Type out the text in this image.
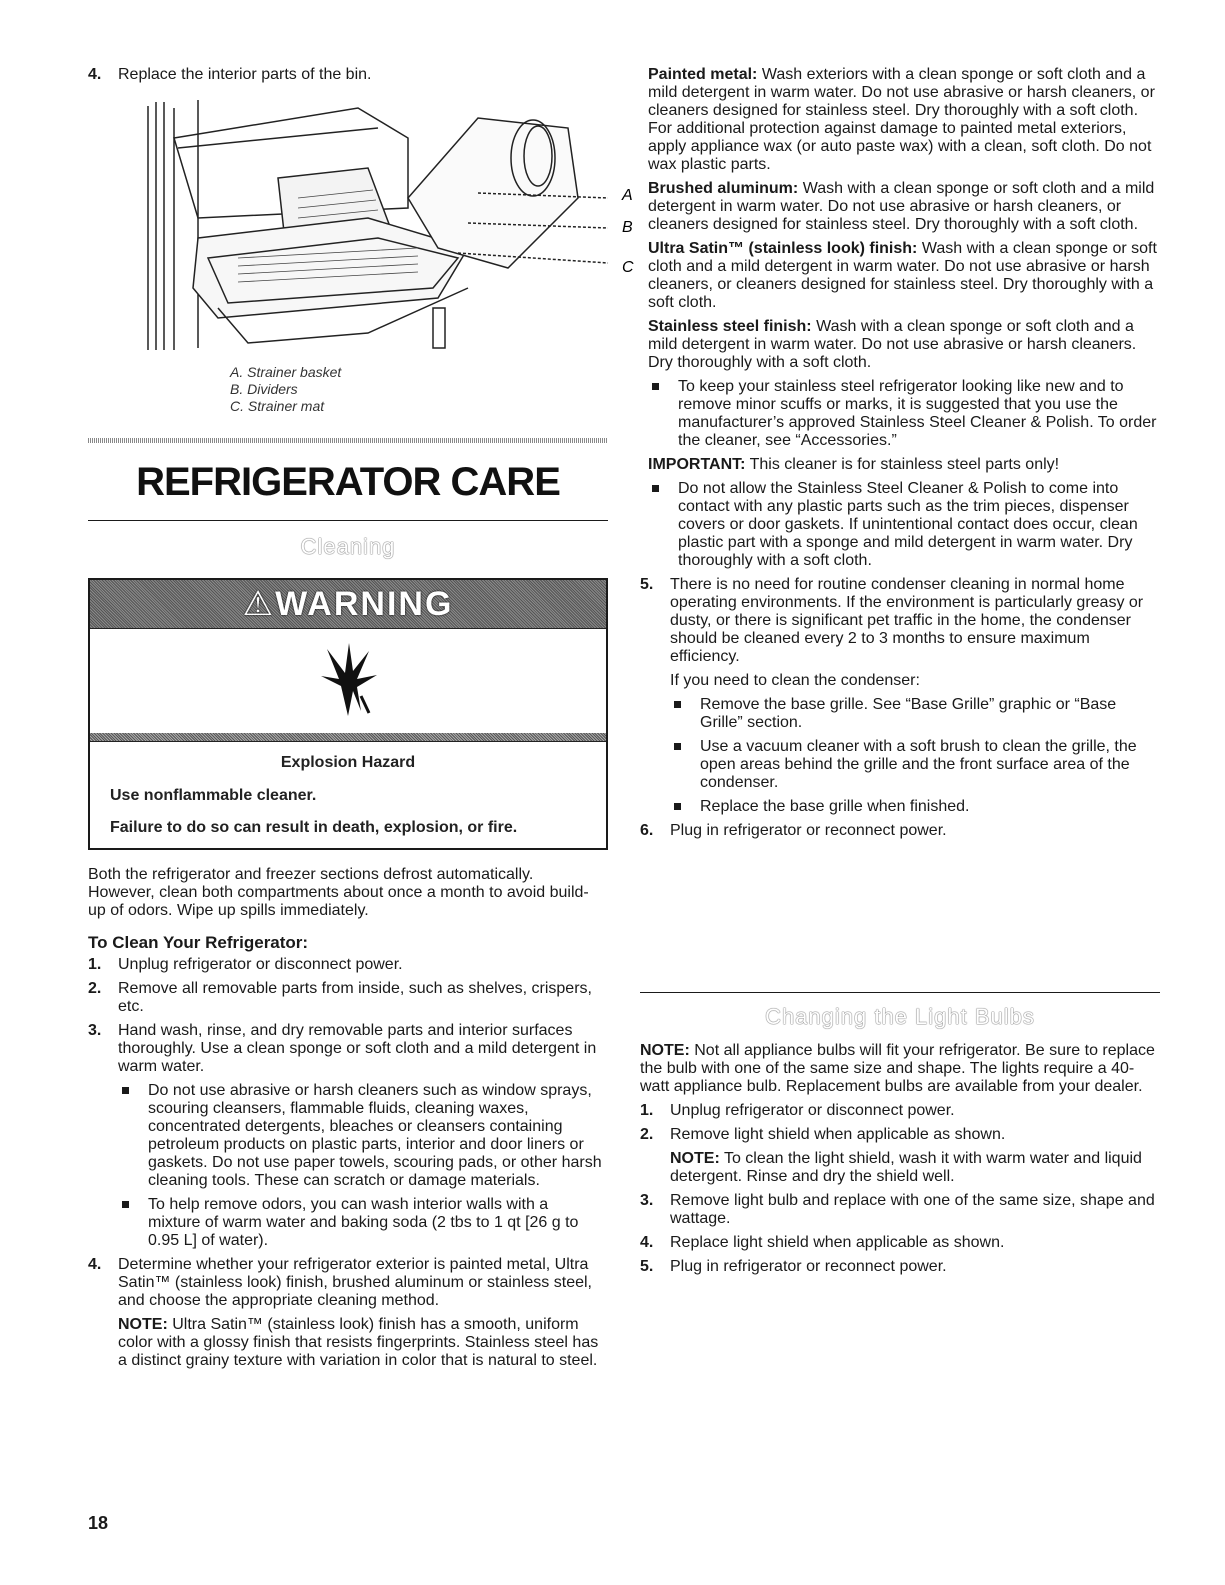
4. Replace the interior parts of the bin.
A
B
C
A. Strainer basket
B. Dividers
C. Strainer mat
REFRIGERATOR CARE
Cleaning
⚠ WARNING
Explosion Hazard
Use nonflammable cleaner.
Failure to do so can result in death, explosion, or fire.

Both the refrigerator and freezer sections defrost automatically. However, clean both compartments about once a month to avoid build-up of odors. Wipe up spills immediately.

To Clean Your Refrigerator:
1. Unplug refrigerator or disconnect power.
2. Remove all removable parts from inside, such as shelves, crispers, etc.
3. Hand wash, rinse, and dry removable parts and interior surfaces thoroughly. Use a clean sponge or soft cloth and a mild detergent in warm water.
Do not use abrasive or harsh cleaners such as window sprays, scouring cleansers, flammable fluids, cleaning waxes, concentrated detergents, bleaches or cleansers containing petroleum products on plastic parts, interior and door liners or gaskets. Do not use paper towels, scouring pads, or other harsh cleaning tools. These can scratch or damage materials.
To help remove odors, you can wash interior walls with a mixture of warm water and baking soda (2 tbs to 1 qt [26 g to 0.95 L] of water).
4. Determine whether your refrigerator exterior is painted metal, Ultra Satin™ (stainless look) finish, brushed aluminum or stainless steel, and choose the appropriate cleaning method.
NOTE: Ultra Satin™ (stainless look) finish has a smooth, uniform color with a glossy finish that resists fingerprints. Stainless steel has a distinct grainy texture with variation in color that is natural to steel.
18

Painted metal: Wash exteriors with a clean sponge or soft cloth and a mild detergent in warm water. Do not use abrasive or harsh cleaners, or cleaners designed for stainless steel. Dry thoroughly with a soft cloth. For additional protection against damage to painted metal exteriors, apply appliance wax (or auto paste wax) with a clean, soft cloth. Do not wax plastic parts.

Brushed aluminum: Wash with a clean sponge or soft cloth and a mild detergent in warm water. Do not use abrasive or harsh cleaners, or cleaners designed for stainless steel. Dry thoroughly with a soft cloth.

Ultra Satin™ (stainless look) finish: Wash with a clean sponge or soft cloth and a mild detergent in warm water. Do not use abrasive or harsh cleaners, or cleaners designed for stainless steel. Dry thoroughly with a soft cloth.

Stainless steel finish: Wash with a clean sponge or soft cloth and a mild detergent in warm water. Do not use abrasive or harsh cleaners. Dry thoroughly with a soft cloth.

To keep your stainless steel refrigerator looking like new and to remove minor scuffs or marks, it is suggested that you use the manufacturer’s approved Stainless Steel Cleaner & Polish. To order the cleaner, see “Accessories.”

IMPORTANT: This cleaner is for stainless steel parts only!

Do not allow the Stainless Steel Cleaner & Polish to come into contact with any plastic parts such as the trim pieces, dispenser covers or door gaskets. If unintentional contact does occur, clean plastic part with a sponge and mild detergent in warm water. Dry thoroughly with a soft cloth.
5. There is no need for routine condenser cleaning in normal home operating environments. If the environment is particularly greasy or dusty, or there is significant pet traffic in the home, the condenser should be cleaned every 2 to 3 months to ensure maximum efficiency.

If you need to clean the condenser:

Remove the base grille. See “Base Grille” graphic or “Base Grille” section.
Use a vacuum cleaner with a soft brush to clean the grille, the open areas behind the grille and the front surface area of the condenser.
Replace the base grille when finished.
6. Plug in refrigerator or reconnect power.
Changing the Light Bulbs

NOTE: Not all appliance bulbs will fit your refrigerator. Be sure to replace the bulb with one of the same size and shape. The lights require a 40-watt appliance bulb. Replacement bulbs are available from your dealer.

1. Unplug refrigerator or disconnect power.
2. Remove light shield when applicable as shown.

NOTE: To clean the light shield, wash it with warm water and liquid detergent. Rinse and dry the shield well.

3. Remove light bulb and replace with one of the same size, shape and wattage.
4. Replace light shield when applicable as shown.
5. Plug in refrigerator or reconnect power.
